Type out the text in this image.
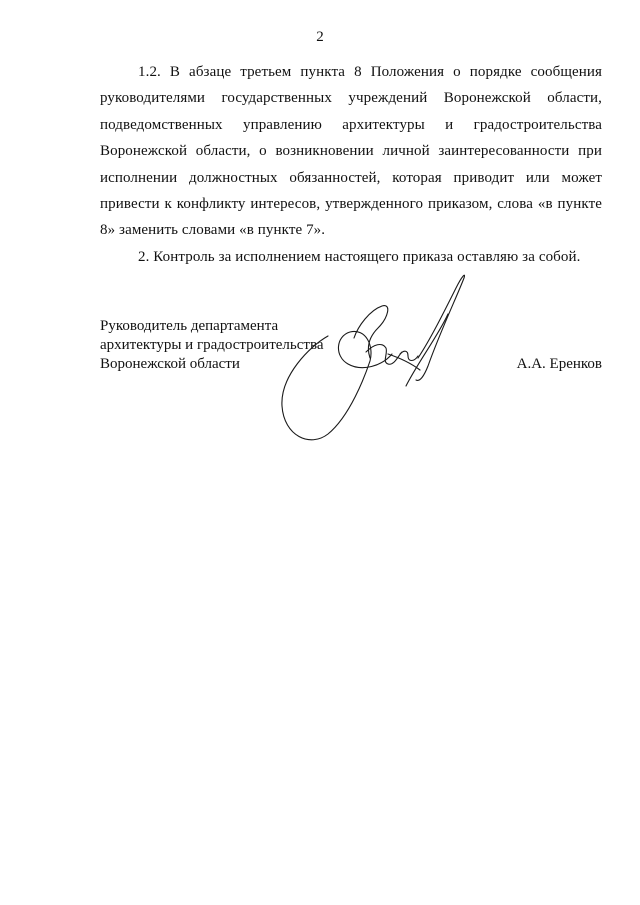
2

1.2. В абзаце третьем пункта 8 Положения о порядке сообщения руководителями государственных учреждений Воронежской области, подведомственных управлению архитектуры и градостроительства Воронежской области, о возникновении личной заинтересованности при исполнении должностных обязанностей, которая приводит или может привести к конфликту интересов, утвержденного приказом, слова «в пункте 8» заменить словами «в пункте 7».

2. Контроль за исполнением настоящего приказа оставляю за собой.

Руководитель департамента
архитектуры и градостроительства
Воронежской области	А.А. Еренков
